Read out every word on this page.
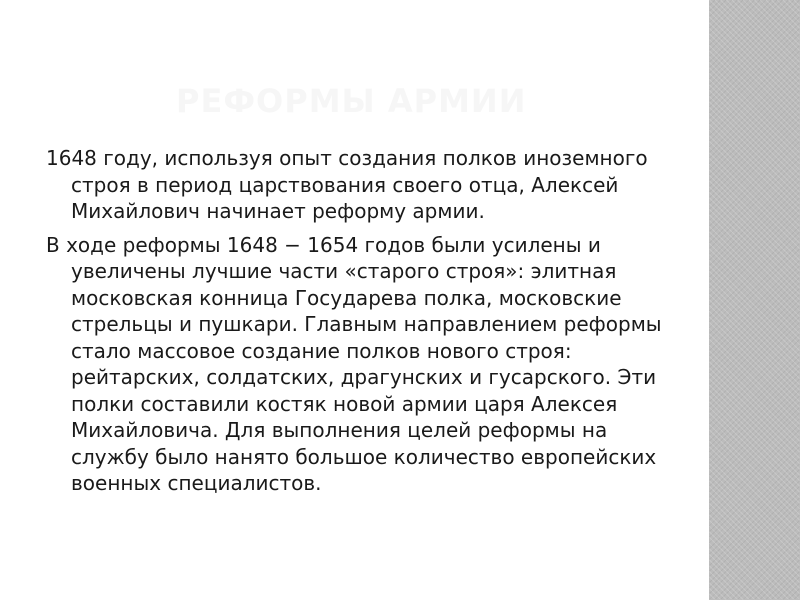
РЕФОРМЫ АРМИИ

1648 году, используя опыт создания полков иноземного строя в период царствования своего отца, Алексей Михайлович начинает реформу армии.

В ходе реформы 1648 − 1654 годов были усилены и увеличены лучшие части «старого строя»: элитная московская конница Государева полка, московские стрельцы и пушкари. Главным направлением реформы стало массовое создание полков нового строя: рейтарских, солдатских, драгунских и гусарского. Эти полки составили костяк новой армии царя Алексея Михайловича. Для выполнения целей реформы на службу было нанято большое количество европейских военных специалистов.
